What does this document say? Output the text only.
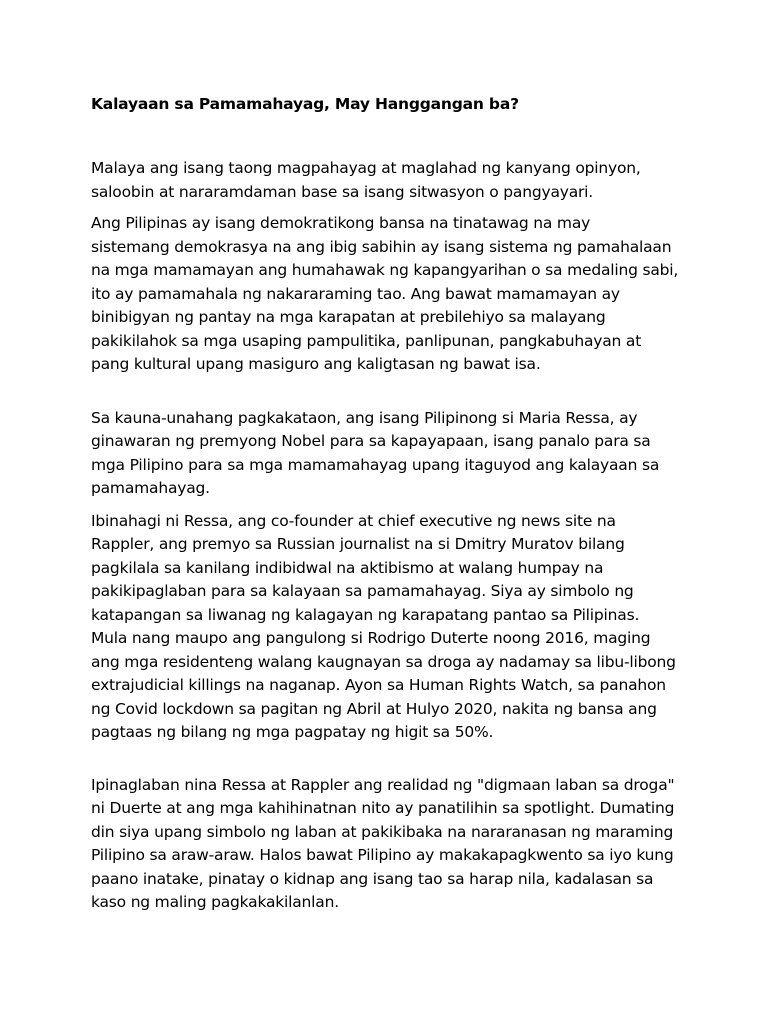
Kalayaan sa Pamamahayag, May Hanggangan ba?

Malaya ang isang taong magpahayag at maglahad ng kanyang opinyon,
saloobin at nararamdaman base sa isang sitwasyon o pangyayari.

Ang Pilipinas ay isang demokratikong bansa na tinatawag na may
sistemang demokrasya na ang ibig sabihin ay isang sistema ng pamahalaan
na mga mamamayan ang humahawak ng kapangyarihan o sa medaling sabi,
ito ay pamamahala ng nakararaming tao. Ang bawat mamamayan ay
binibigyan ng pantay na mga karapatan at prebilehiyo sa malayang
pakikilahok sa mga usaping pampulitika, panlipunan, pangkabuhayan at
pang kultural upang masiguro ang kaligtasan ng bawat isa.

Sa kauna-unahang pagkakataon, ang isang Pilipinong si Maria Ressa, ay
ginawaran ng premyong Nobel para sa kapayapaan, isang panalo para sa
mga Pilipino para sa mga mamamahayag upang itaguyod ang kalayaan sa
pamamahayag.

Ibinahagi ni Ressa, ang co-founder at chief executive ng news site na
Rappler, ang premyo sa Russian journalist na si Dmitry Muratov bilang
pagkilala sa kanilang indibidwal na aktibismo at walang humpay na
pakikipaglaban para sa kalayaan sa pamamahayag. Siya ay simbolo ng
katapangan sa liwanag ng kalagayan ng karapatang pantao sa Pilipinas.
Mula nang maupo ang pangulong si Rodrigo Duterte noong 2016, maging
ang mga residenteng walang kaugnayan sa droga ay nadamay sa libu-libong
extrajudicial killings na naganap. Ayon sa Human Rights Watch, sa panahon
ng Covid lockdown sa pagitan ng Abril at Hulyo 2020, nakita ng bansa ang
pagtaas ng bilang ng mga pagpatay ng higit sa 50%.

Ipinaglaban nina Ressa at Rappler ang realidad ng "digmaan laban sa droga"
ni Duerte at ang mga kahihinatnan nito ay panatilihin sa spotlight. Dumating
din siya upang simbolo ng laban at pakikibaka na nararanasan ng maraming
Pilipino sa araw-araw. Halos bawat Pilipino ay makakapagkwento sa iyo kung
paano inatake, pinatay o kidnap ang isang tao sa harap nila, kadalasan sa
kaso ng maling pagkakakilanlan.
